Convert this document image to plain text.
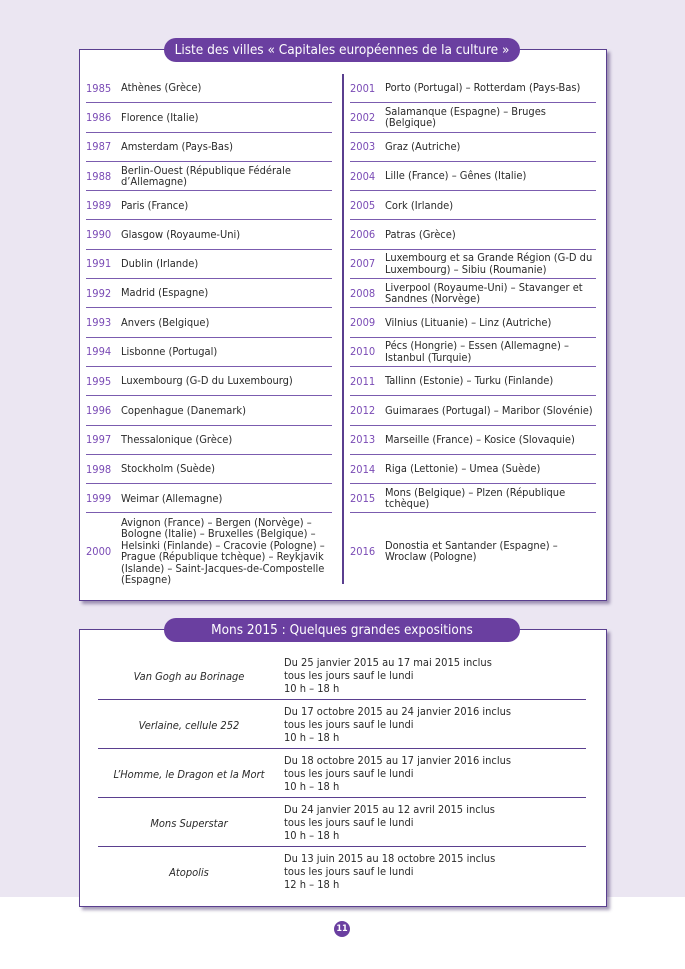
Liste des villes « Capitales européennes de la culture »
1985 Athènes (Grèce)
1986 Florence (Italie)
1987 Amsterdam (Pays-Bas)
1988 Berlin-Ouest (République Fédérale d’Allemagne)
1989 Paris (France)
1990 Glasgow (Royaume-Uni)
1991 Dublin (Irlande)
1992 Madrid (Espagne)
1993 Anvers (Belgique)
1994 Lisbonne (Portugal)
1995 Luxembourg (G-D du Luxembourg)
1996 Copenhague (Danemark)
1997 Thessalonique (Grèce)
1998 Stockholm (Suède)
1999 Weimar (Allemagne)
2000
Avignon (France) – Bergen (Norvège) – Bologne (Italie) – Bruxelles (Belgique) – Helsinki (Finlande) – Cracovie (Pologne) – Prague (République tchèque) – Reykjavik (Islande) – Saint-Jacques-de-Compostelle (Espagne)
2001 Porto (Portugal) – Rotterdam (Pays-Bas)
2002 Salamanque (Espagne) – Bruges (Belgique)
2003 Graz (Autriche)
2004 Lille (France) – Gênes (Italie)
2005 Cork (Irlande)
2006 Patras (Grèce)
2007 Luxembourg et sa Grande Région (G-D du Luxembourg) – Sibiu (Roumanie)
2008 Liverpool (Royaume-Uni) – Stavanger et Sandnes (Norvège)
2009 Vilnius (Lituanie) – Linz (Autriche)
2010 Pécs (Hongrie) – Essen (Allemagne) – Istanbul (Turquie)
2011 Tallinn (Estonie) – Turku (Finlande)
2012 Guimaraes (Portugal) – Maribor (Slovénie)
2013 Marseille (France) – Kosice (Slovaquie)
2014 Riga (Lettonie) – Umea (Suède)
2015 Mons (Belgique) – Plzen (République tchèque)
2016 Donostia et Santander (Espagne) – Wroclaw (Pologne)
Mons 2015 : Quelques grandes expositions
Van Gogh au Borinage
Du 25 janvier 2015 au 17 mai 2015 inclus
tous les jours sauf le lundi
10 h – 18 h
Verlaine, cellule 252
Du 17 octobre 2015 au 24 janvier 2016 inclus
tous les jours sauf le lundi
10 h – 18 h
L’Homme, le Dragon et la Mort
Du 18 octobre 2015 au 17 janvier 2016 inclus
tous les jours sauf le lundi
10 h – 18 h
Mons Superstar
Du 24 janvier 2015 au 12 avril 2015 inclus
tous les jours sauf le lundi
10 h – 18 h
Atopolis
Du 13 juin 2015 au 18 octobre 2015 inclus
tous les jours sauf le lundi
12 h – 18 h
11
